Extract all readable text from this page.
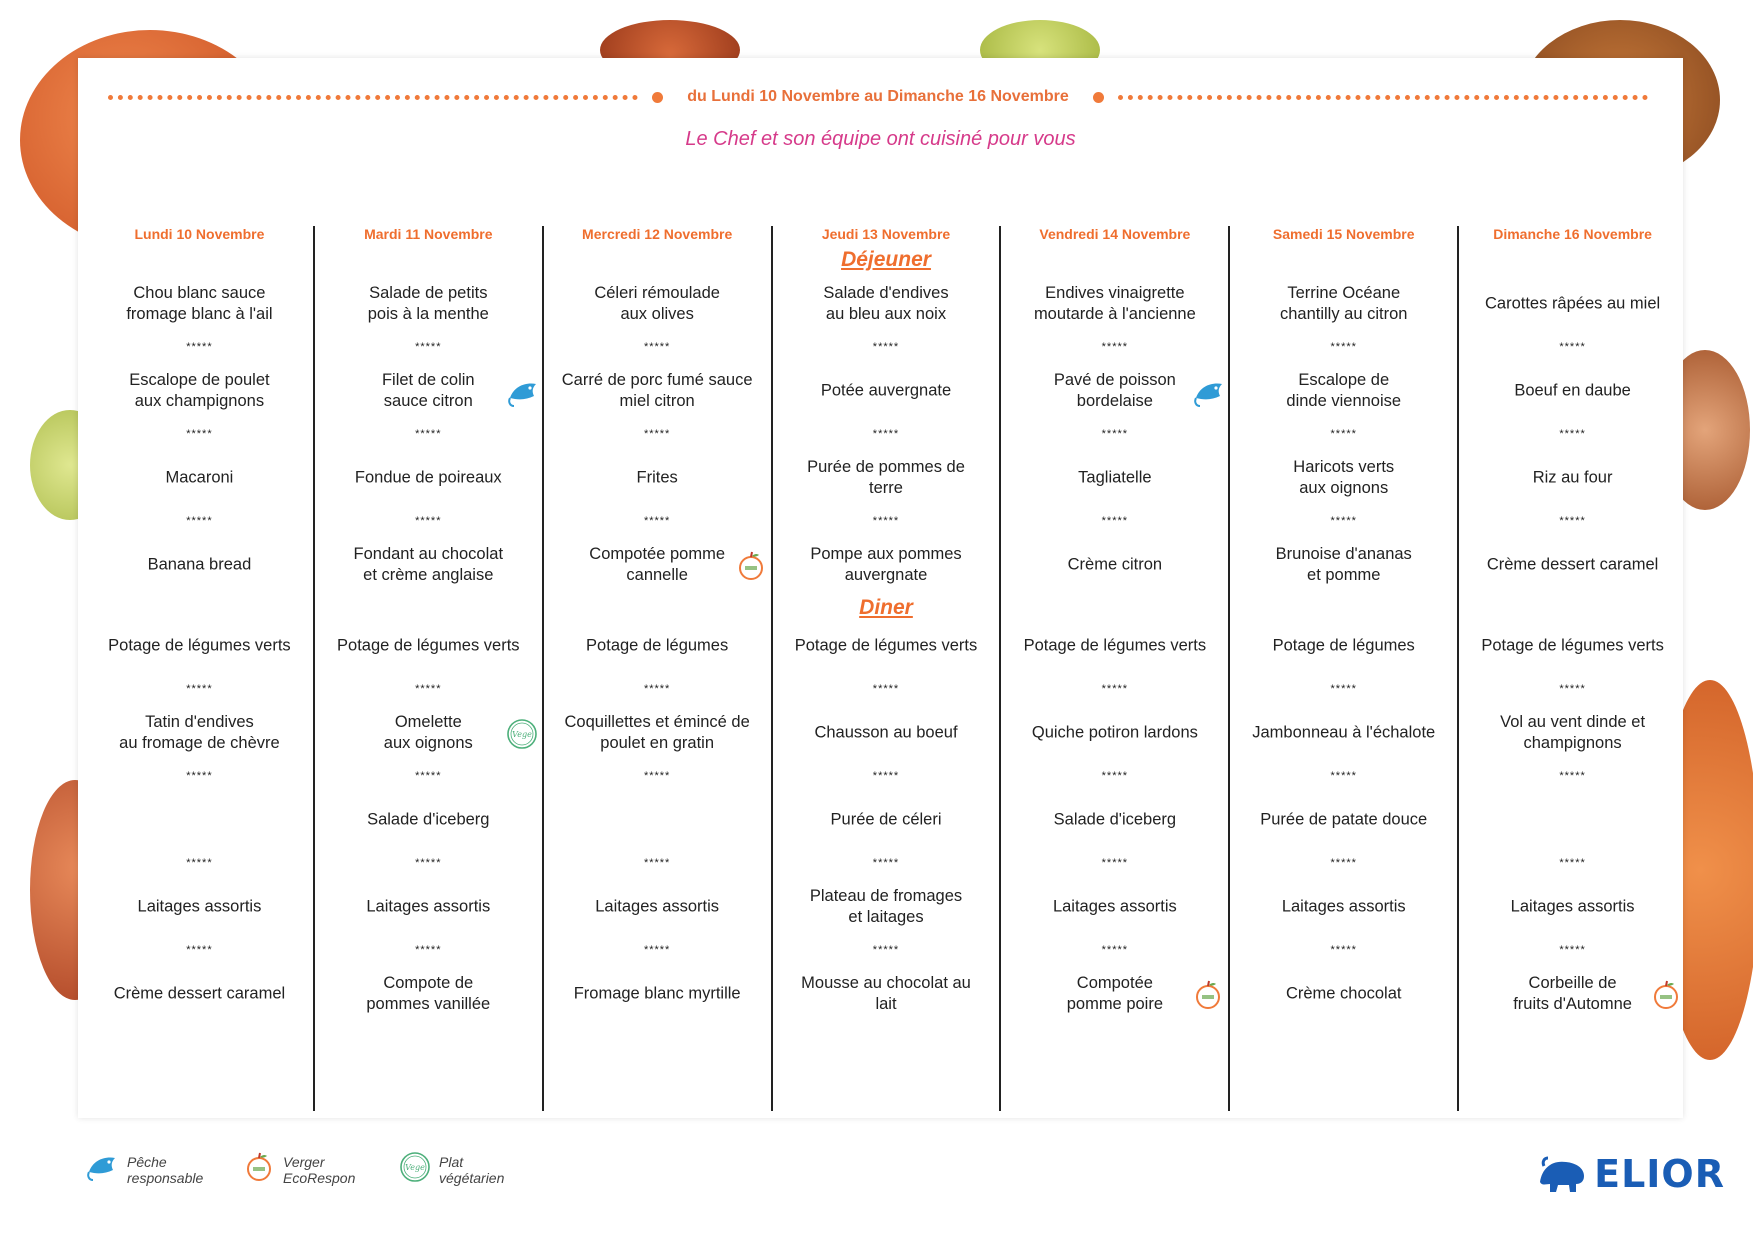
du Lundi 10 Novembre au Dimanche 16 Novembre
Le Chef et son équipe ont cuisiné pour vous
Lundi 10 Novembre
Chou blanc sauce
fromage blanc à l'ail
Escalope de poulet
aux champignons
Macaroni
Banana bread
*****
*****
*****
Potage de légumes verts
Tatin d'endives
au fromage de chèvre
Laitages assortis
Crème dessert caramel
*****
*****
*****
*****
Mardi 11 Novembre
Salade de petits
pois à la menthe
Filet de colin
sauce citron
Fondue de poireaux
Fondant au chocolat
et crème anglaise
*****
*****
*****
Potage de légumes verts
Omelette
aux oignons	Vege
Salade d'iceberg
Laitages assortis
Compote de
pommes vanillée
*****
*****
*****
*****
Mercredi 12 Novembre
Céleri rémoulade
aux olives
Carré de porc fumé sauce
miel citron
Frites
Compotée pomme
cannelle
*****
*****
*****
Potage de légumes
Coquillettes et émincé de
poulet en gratin
Laitages assortis
Fromage blanc myrtille
*****
*****
*****
*****
Jeudi 13 Novembre
Déjeuner
Diner
Salade d'endives
au bleu aux noix
Potée auvergnate
Purée de pommes de
terre
Pompe aux pommes
auvergnate
*****
*****
*****
Potage de légumes verts
Chausson au boeuf
Purée de céleri
Plateau de fromages
et laitages
Mousse au chocolat au
lait
*****
*****
*****
*****
Vendredi 14 Novembre
Endives vinaigrette
moutarde à l'ancienne
Pavé de poisson
bordelaise
Tagliatelle
Crème citron
*****
*****
*****
Potage de légumes verts
Quiche potiron lardons
Salade d'iceberg
Laitages assortis
Compotée
pomme poire
*****
*****
*****
*****
Samedi 15 Novembre
Terrine Océane
chantilly au citron
Escalope de
dinde viennoise
Haricots verts
aux oignons
Brunoise d'ananas
et pomme
*****
*****
*****
Potage de légumes
Jambonneau à l'échalote
Purée de patate douce
Laitages assortis
Crème chocolat
*****
*****
*****
*****
Dimanche 16 Novembre
Carottes râpées au miel
Boeuf en daube
Riz au four
Crème dessert caramel
*****
*****
*****
Potage de légumes verts
Vol au vent dinde et
champignons
Laitages assortis
Corbeille de
fruits d'Automne
*****
*****
*****
*****
Pêche
responsable
Verger
EcoRespon
Vege Plat
végétarien	ELIOR
